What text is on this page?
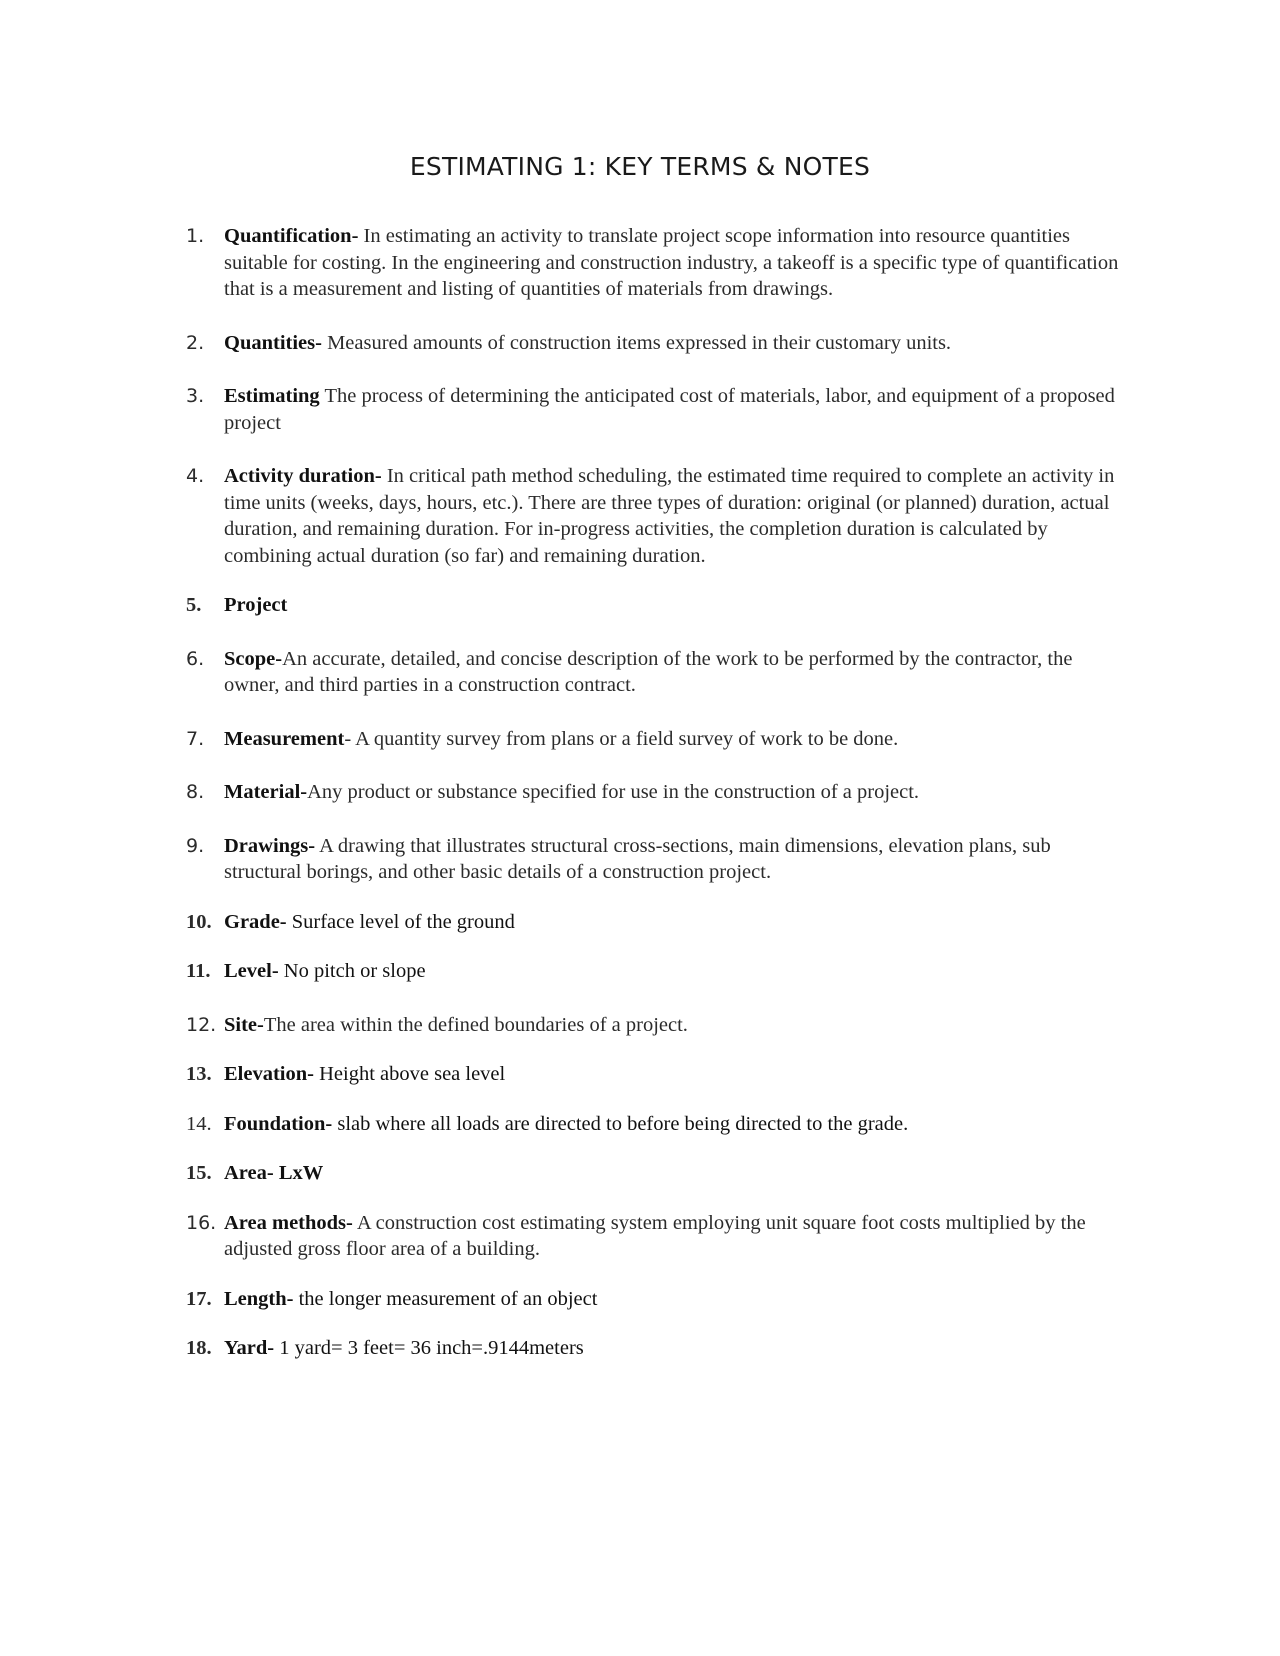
ESTIMATING 1: KEY TERMS & NOTES
1. Quantification- In estimating an activity to translate project scope information into resource quantities suitable for costing. In the engineering and construction industry, a takeoff is a specific type of quantification that is a measurement and listing of quantities of materials from drawings.
2. Quantities- Measured amounts of construction items expressed in their customary units.
3. Estimating The process of determining the anticipated cost of materials, labor, and equipment of a proposed project
4. Activity duration- In critical path method scheduling, the estimated time required to complete an activity in time units (weeks, days, hours, etc.). There are three types of duration: original (or planned) duration, actual duration, and remaining duration. For in-progress activities, the completion duration is calculated by combining actual duration (so far) and remaining duration.
5. Project
6. Scope-An accurate, detailed, and concise description of the work to be performed by the contractor, the owner, and third parties in a construction contract.
7. Measurement- A quantity survey from plans or a field survey of work to be done.
8. Material-Any product or substance specified for use in the construction of a project.
9. Drawings- A drawing that illustrates structural cross-sections, main dimensions, elevation plans, sub structural borings, and other basic details of a construction project.
10. Grade- Surface level of the ground
11. Level- No pitch or slope
12. Site-The area within the defined boundaries of a project.
13. Elevation- Height above sea level
14. Foundation- slab where all loads are directed to before being directed to the grade.
15. Area- LxW
16. Area methods- A construction cost estimating system employing unit square foot costs multiplied by the adjusted gross floor area of a building.
17. Length- the longer measurement of an object
18. Yard- 1 yard= 3 feet= 36 inch=.9144meters
